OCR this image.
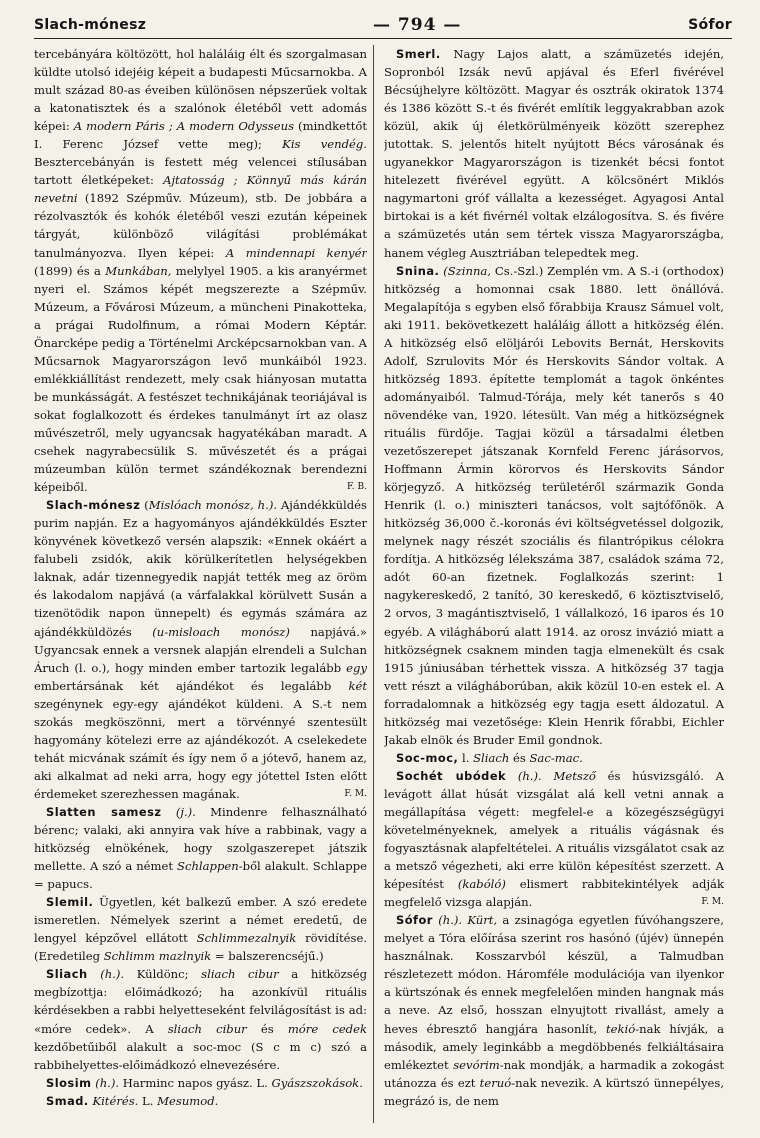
Slach-mónesz	— 794 —	Sófor

tercebányára költözött, hol haláláig élt és szorgalmasan küldte utolsó idejéig képeit a budapesti Műcsarnokba. A mult század 80-as éveiben különösen népszerűek voltak a katonatisztek és a szalónok életéből vett adomás képei: A modern Páris ; A modern Odysseus (mindkettőt I. Ferenc József vette meg); Kis vendég. Besztercebányán is festett még velencei stílusában tartott életképeket: Ajtatosság ; Könnyű más kárán nevetni (1892 Szépműv. Múzeum), stb. De jobbára a rézolvasztók és kohók életéből veszi ezután képeinek tárgyát, különböző világítási problémákat tanulmányozva. Ilyen képei: A mindennapi kenyér (1899) és a Munkában, melylyel 1905. a kis aranyérmet nyeri el. Számos képét megszerezte a Szépműv. Múzeum, a Fővárosi Múzeum, a müncheni Pinakotteka, a prágai Rudolfinum, a római Modern Képtár. Önarcképe pedig a Történelmi Arcképcsarnokban van. A Műcsarnok Magyarországon levő munkáiból 1923. emlékkiállítást rendezett, mely csak hiányosan mutatta be munkásságát. A festészet technikájának teoriájával is sokat foglalkozott és érdekes tanulmányt írt az olasz művészetről, mely ugyancsak hagyatékában maradt. A csehek nagyrabecsülik S. művészetét és a prágai múzeumban külön termet szándékoznak berendezni képeiből.	F. B.

Slach-mónesz (Mislóach monósz, h.). Ajándékküldés purim napján. Ez a hagyományos ajándékküldés Eszter könyvének következő versén alapszik: «Ennek okáért a falubeli zsidók, akik körülkerítetlen helységekben laknak, adár tizennegyedik napját tették meg az öröm és lakodalom napjává (a várfalakkal körülvett Susán a tizenötödik napon ünnepelt) és egymás számára az ajándékküldözés (u-misloach monósz) napjává.» Ugyancsak ennek a versnek alapján elrendeli a Sulchan Áruch (l. o.), hogy minden ember tartozik legalább egy embertársának két ajándékot és legalább két szegénynek egy-egy ajándékot küldeni. A S.-t nem szokás megköszönni, mert a törvénnyé szentesült hagyomány kötelezi erre az ajándékozót. A cselekedete tehát micvának számít és így nem ő a jótevő, hanem az, aki alkalmat ad neki arra, hogy egy jótettel Isten előtt érdemeket szerezhessen magának.	F. M.

Slatten samesz (j.). Mindenre felhasználható bérenc; valaki, aki annyira vak híve a rabbinak, vagy a hitközség elnökének, hogy szolgaszerepet játszik mellette. A szó a német Schlappen-ből alakult. Schlappe = papucs.

Slemil. Ügyetlen, két balkezű ember. A szó eredete ismeretlen. Némelyek szerint a német eredetű, de lengyel képzővel ellátott Schlimmezalnyik rövidítése. (Eredetileg Schlimm mazlnyik = balszerencséjű.)

Sliach (h.). Küldönc; sliach cibur a hitközség megbízottja: előimádkozó; ha azonkívül rituális kérdésekben a rabbi helyetteseként felvilágosítást is ad: «móre cedek». A sliach cibur és móre cedek kezdőbetűiből alakult a soc-moc (S c m c) szó a rabbihelyettes-előimádkozó elnevezésére.

Slosim (h.). Harminc napos gyász. L. Gyászszokások.

Smad. Kitérés. L. Mesumod.

Smerl. Nagy Lajos alatt, a számüzetés idején, Sopronból Izsák nevű apjával és Eferl fivérével Bécsújhelyre költözött. Magyar és osztrák okiratok 1374 és 1386 között S.-t és fivérét említik leggyakrabban azok közül, akik új életkörülményeik között szerephez jutottak. S. jelentős hitelt nyújtott Bécs városának és ugyanekkor Magyarországon is tizenkét bécsi fontot hitelezett fivérével együtt. A kölcsönért Miklós nagymartoni gróf vállalta a kezességet. Agyagosi Antal birtokai is a két fivérnél voltak elzálogosítva. S. és fivére a számüzetés után sem tértek vissza Magyarországba, hanem végleg Ausztriában telepedtek meg.

Snina. (Szinna, Cs.-Szl.) Zemplén vm. A S.-i (orthodox) hitközség a homonnai csak 1880. lett önállóvá. Megalapítója s egyben első főrabbija Krausz Sámuel volt, aki 1911. bekövetkezett haláláig állott a hitközség élén. A hitközség első elöljárói Lebovits Bernát, Herskovits Adolf, Szrulovits Mór és Herskovits Sándor voltak. A hitközség 1893. építette templomát a tagok önkéntes adományaiból. Talmud-Tórája, mely két tanerős s 40 növendéke van, 1920. létesült. Van még a hitközségnek rituális fürdője. Tagjai közül a társadalmi életben vezetőszerepet játszanak Kornfeld Ferenc járásorvos, Hoffmann Ármin körorvos és Herskovits Sándor körjegyző. A hitközség területéről származik Gonda Henrik (l. o.) miniszteri tanácsos, volt sajtófőnök. A hitközség 36,000 č.-koronás évi költségvetéssel dolgozik, melynek nagy részét szociális és filantrópikus célokra fordítja. A hitközség lélekszáma 387, családok száma 72, adót 60-an fizetnek. Foglalkozás szerint: 1 nagykereskedő, 2 tanító, 30 kereskedő, 6 köztisztviselő, 2 orvos, 3 magántisztviselő, 1 vállalkozó, 16 iparos és 10 egyéb. A világháború alatt 1914. az orosz invázió miatt a hitközségnek csaknem minden tagja elmenekült és csak 1915 júniusában térhettek vissza. A hitközség 37 tagja vett részt a világháborúban, akik közül 10-en estek el. A forradalomnak a hitközség egy tagja esett áldozatul. A hitközség mai vezetősége: Klein Henrik főrabbi, Eichler Jakab elnök és Bruder Emil gondnok.

Soc-moc, l. Sliach és Sac-mac.

Sochét ubódek (h.). Metsző és húsvizsgáló. A levágott állat húsát vizsgálat alá kell vetni annak a megállapítása végett: megfelel-e a közegészségügyi követelményeknek, amelyek a rituális vágásnak és fogyasztásnak alapfeltételei. A rituális vizsgálatot csak az a metsző végezheti, aki erre külön képesítést szerzett. A képesítést (kabóló) elismert rabbitekintélyek adják megfelelő vizsga alapján.	F. M.

Sófor (h.). Kürt, a zsinagóga egyetlen fúvóhangszere, melyet a Tóra előírása szerint ros hasónó (újév) ünnepén használnak. Kosszarvból készül, a Talmudban részletezett módon. Háromféle modulációja van ilyenkor a kürtszónak és ennek megfelelően minden hangnak más a neve. Az első, hosszan elnyujtott rivallást, amely a heves ébresztő hangjára hasonlít, tekió-nak hívják, a második, amely leginkább a megdöbbenés felkiáltásaira emlékeztet sevórim-nak mondják, a harmadik a zokogást utánozza és ezt teruó-nak nevezik. A kürtszó ünnepélyes, megrázó is, de nem
